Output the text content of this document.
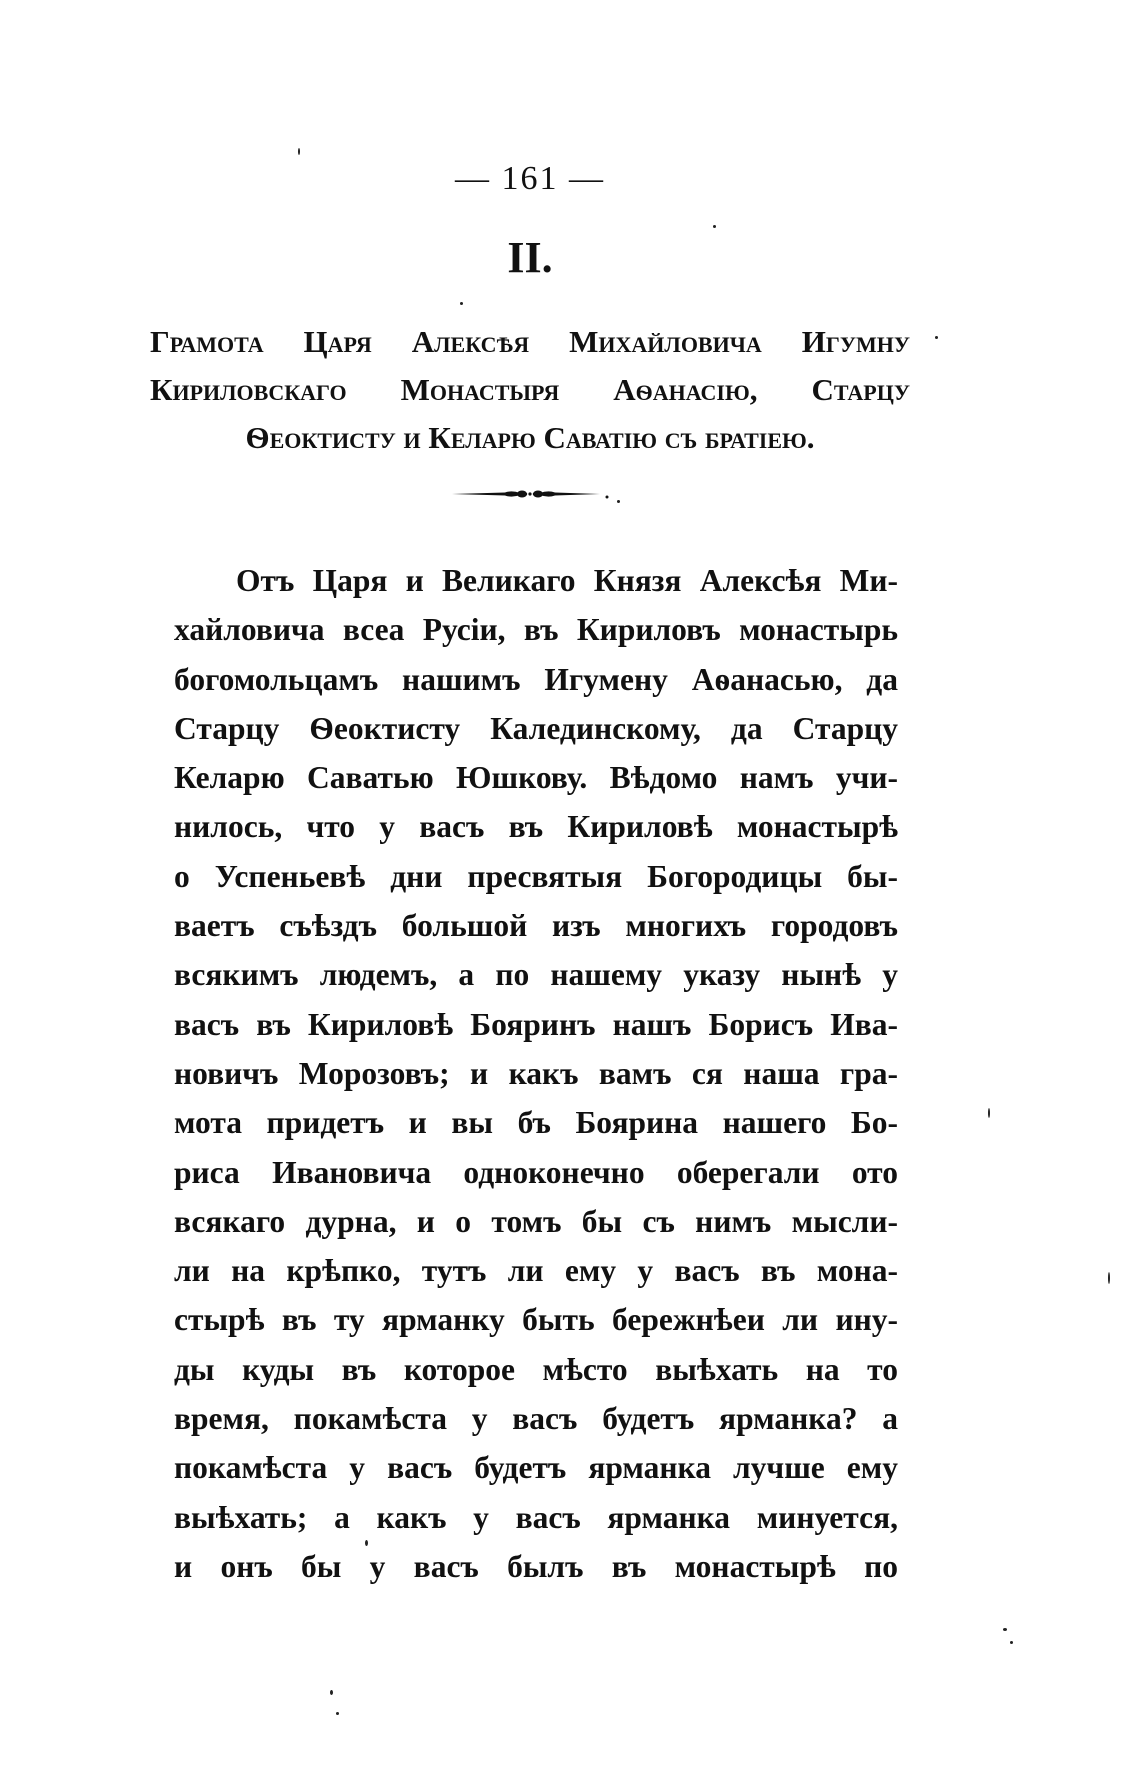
— 161 —
II.
Грамота Царя Алексѣя Михайловича Игумну
Кириловскаго Монастыря Аѳанасію, Старцу
Ѳеоктисту и Келарю Саватію съ братіею.
Отъ Царя и Великаго Князя Алексѣя Ми-
хайловича всеа Русіи, въ Кириловъ монастырь
богомольцамъ нашимъ Игумену Аѳанасью, да
Старцу Ѳеоктисту Калединскому, да Старцу
Келарю Саватью Юшкову. Вѣдомо намъ учи-
нилось, что у васъ въ Кириловѣ монастырѣ
о Успеньевѣ дни пресвятыя Богородицы бы-
ваетъ съѣздъ большой изъ многихъ городовъ
всякимъ людемъ, а по нашему указу нынѣ у
васъ въ Кириловѣ Бояринъ нашъ Борисъ Ива-
новичъ Морозовъ; и какъ вамъ ся наша гра-
мота придетъ и вы бъ Боярина нашего Бо-
риса Ивановича одноконечно оберегали ото
всякаго дурна, и о томъ бы съ нимъ мысли-
ли на крѣпко, тутъ ли ему у васъ въ мона-
стырѣ въ ту ярманку быть бережнѣеи ли ину-
ды куды въ которое мѣсто выѣхать на то
время, покамѣста у васъ будетъ ярманка? а
покамѣста у васъ будетъ ярманка лучше ему
выѣхать; а какъ у васъ ярманка минуется,
и онъ бы у васъ былъ въ монастырѣ по
